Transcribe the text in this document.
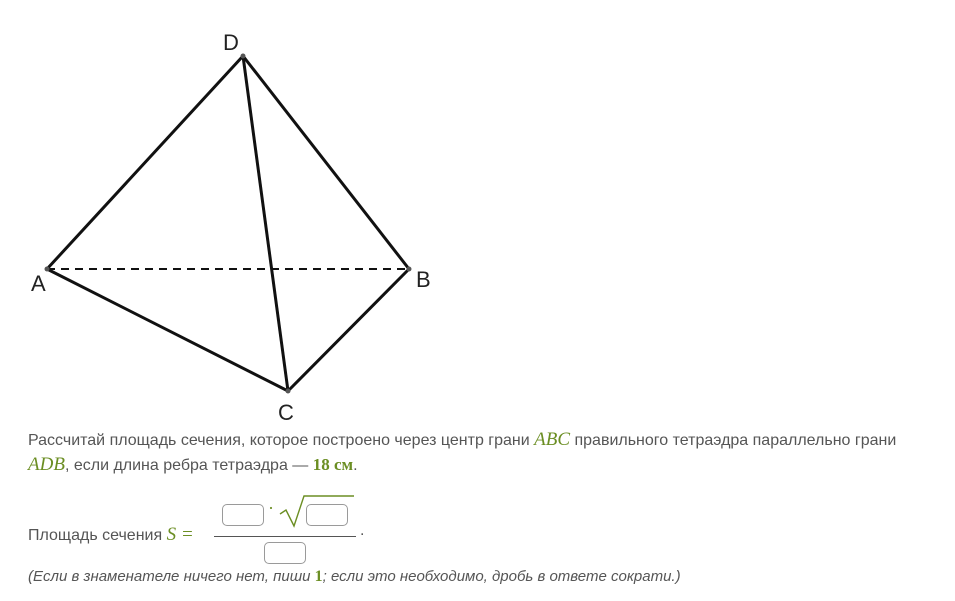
D
A	B
C
Рассчитай площадь сечения, которое построено через центр грани ABC правильного тетраэдра параллельно грани ADB, если длина ребра тетраэдра — 18 см.
Площадь сечения S =
·
.
(Если в знаменателе ничего нет, пиши 1; если это необходимо, дробь в ответе сократи.)
